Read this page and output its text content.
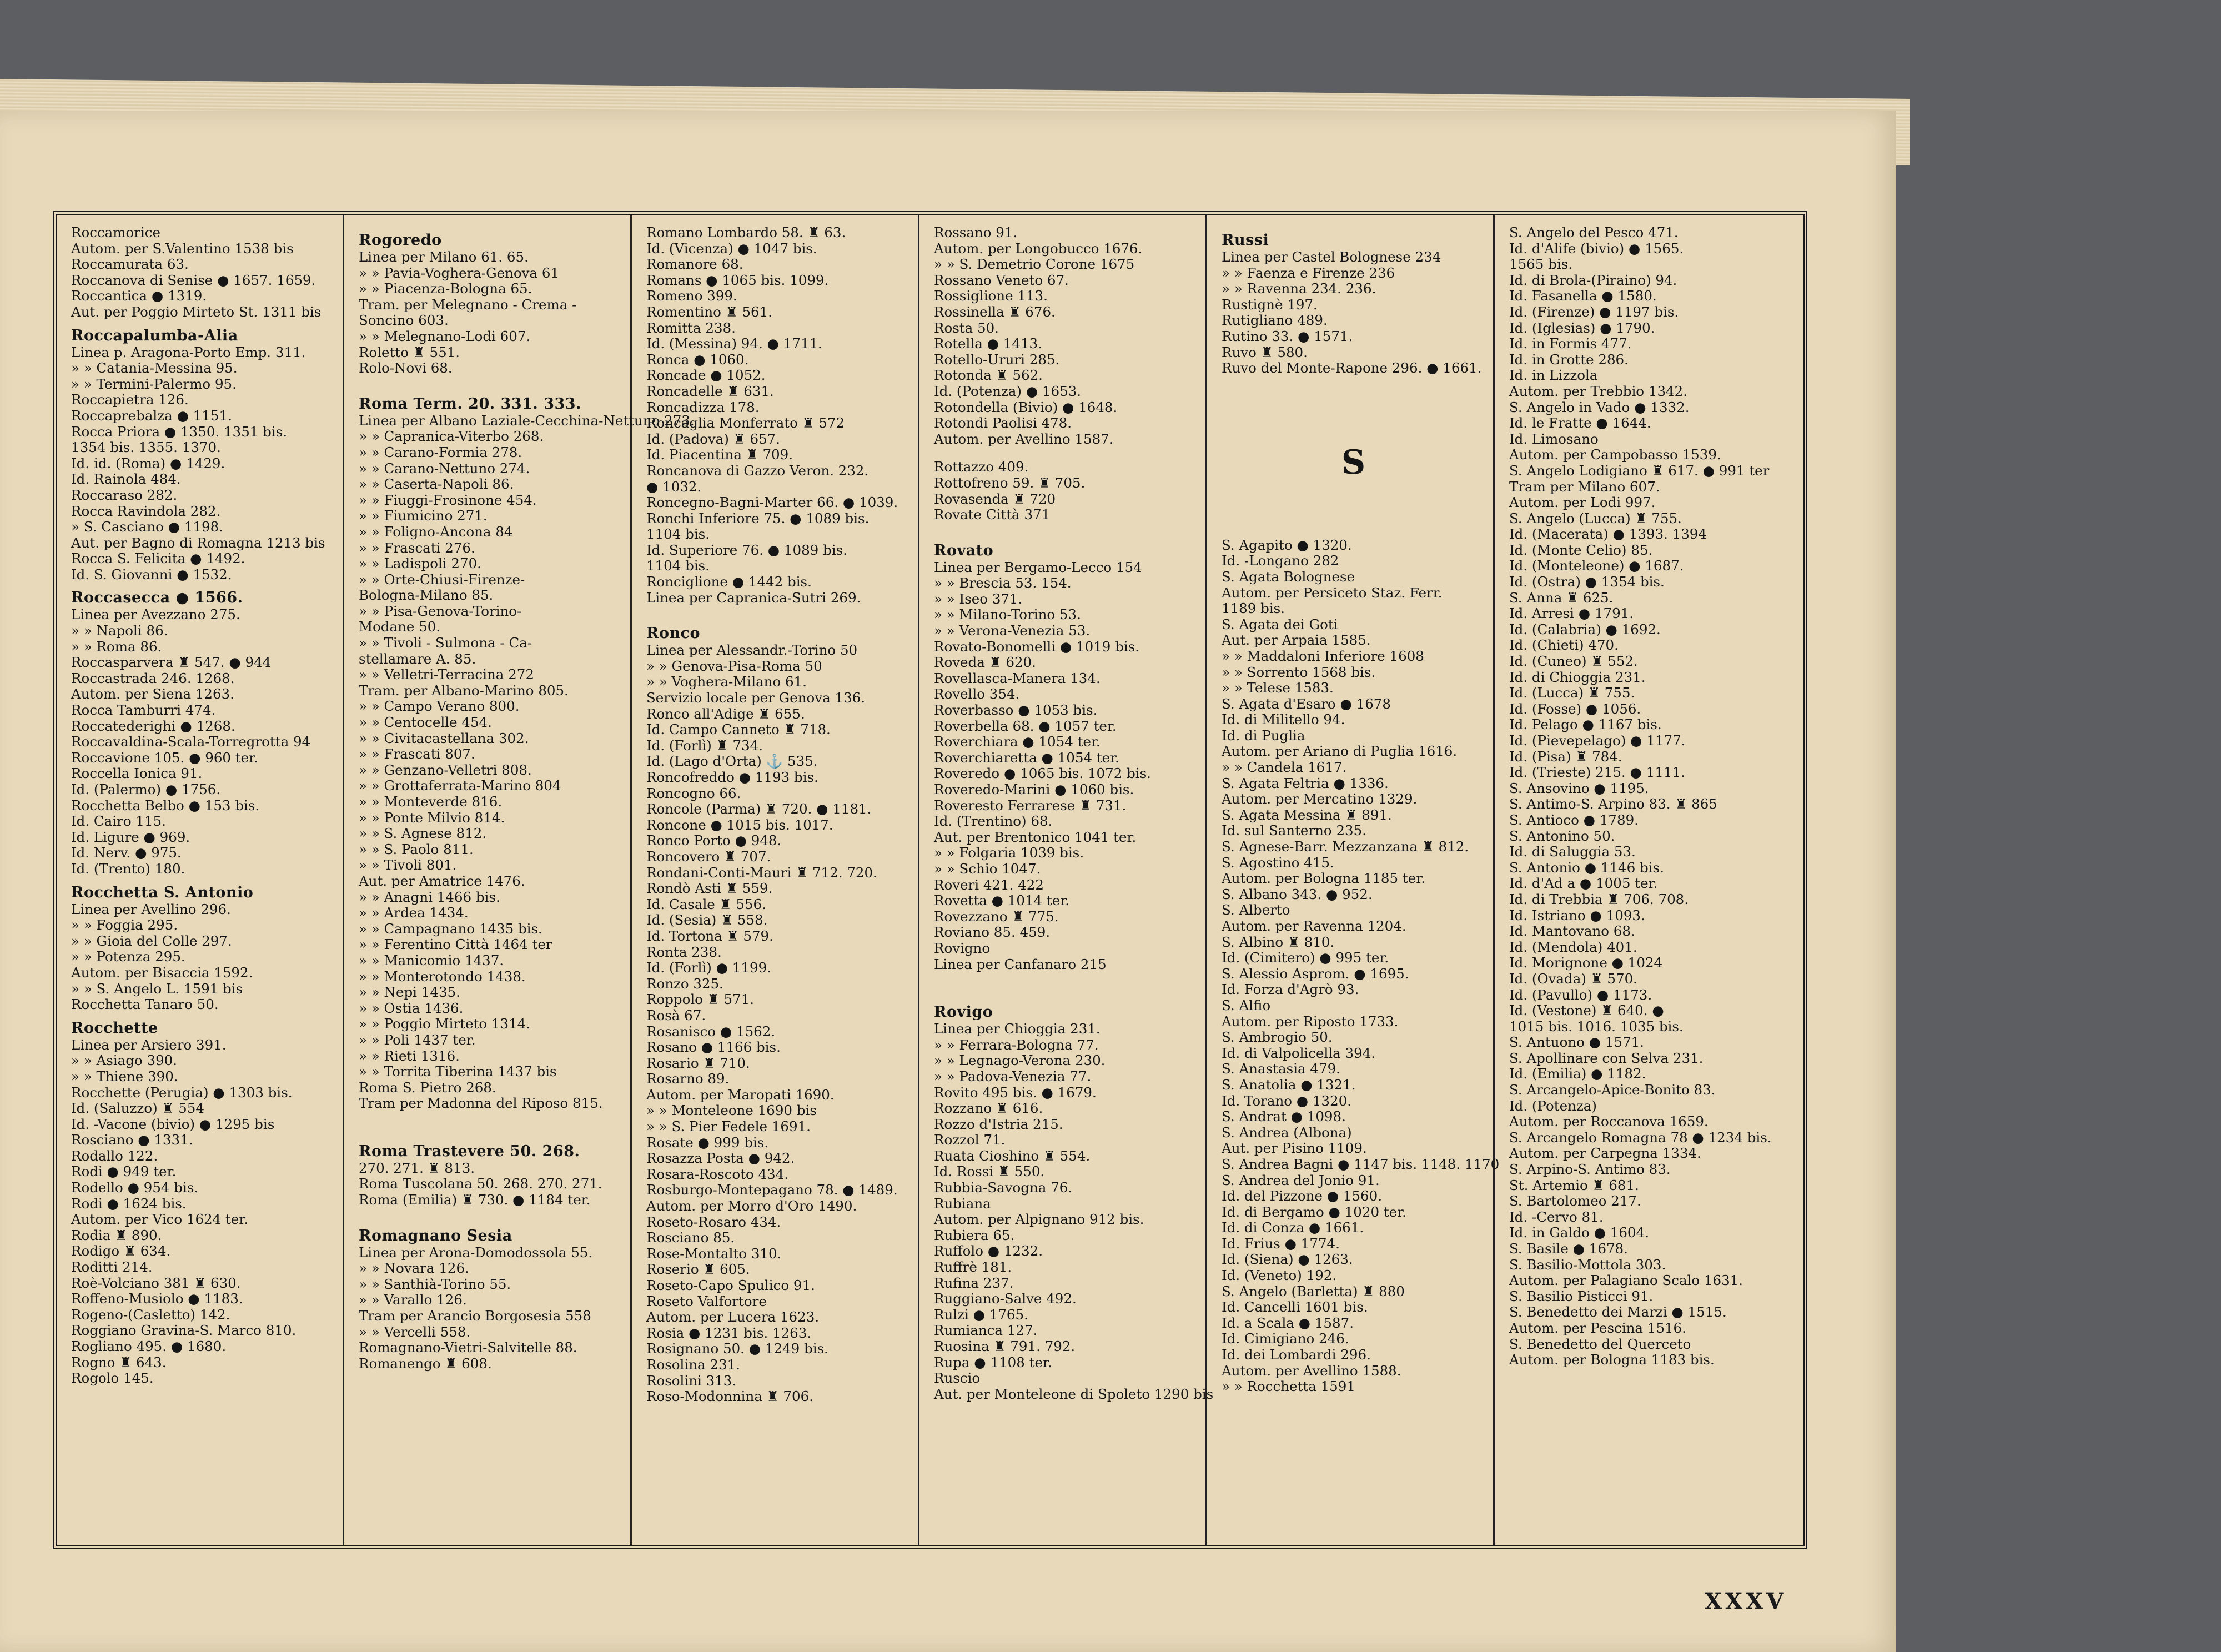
Roccamorice
Autom. per S.Valentino 1538 bis
Roccamurata 63.
Roccanova di Senise ● 1657. 1659.
Roccantica ● 1319.
Aut. per Poggio Mirteto St. 1311 bis
Roccapalumba-Alia
Linea p. Aragona-Porto Emp. 311.
» » Catania-Messina 95.
» » Termini-Palermo 95.
Roccapietra 126.
Roccaprebalza ● 1151.
Rocca Priora ● 1350. 1351 bis.
1354 bis. 1355. 1370.
Id. id. (Roma) ● 1429.
Id. Rainola 484.
Roccaraso 282.
Rocca Ravindola 282.
» S. Casciano ● 1198.
Aut. per Bagno di Romagna 1213 bis
Rocca S. Felicita ● 1492.
Id. S. Giovanni ● 1532.
Roccasecca ● 1566.
Linea per Avezzano 275.
» » Napoli 86.
» » Roma 86.
Roccasparvera ♜ 547. ● 944
Roccastrada 246. 1268.
Autom. per Siena 1263.
Rocca Tamburri 474.
Roccatederighi ● 1268.
Roccavaldina-Scala-Torregrotta 94
Roccavione 105. ● 960 ter.
Roccella Ionica 91.
Id. (Palermo) ● 1756.
Rocchetta Belbo ● 153 bis.
Id. Cairo 115.
Id. Ligure ● 969.
Id. Nerv. ● 975.
Id. (Trento) 180.
Rocchetta S. Antonio
Linea per Avellino 296.
» » Foggia 295.
» » Gioia del Colle 297.
» » Potenza 295.
Autom. per Bisaccia 1592.
» » S. Angelo L. 1591 bis
Rocchetta Tanaro 50.
Rocchette
Linea per Arsiero 391.
» » Asiago 390.
» » Thiene 390.
Rocchette (Perugia) ● 1303 bis.
Id. (Saluzzo) ♜ 554
Id. -Vacone (bivio) ● 1295 bis
Rosciano ● 1331.
Rodallo 122.
Rodi ● 949 ter.
Rodello ● 954 bis.
Rodi ● 1624 bis.
Autom. per Vico 1624 ter.
Rodia ♜ 890.
Rodigo ♜ 634.
Roditti 214.
Roè-Volciano 381 ♜ 630.
Roffeno-Musiolo ● 1183.
Rogeno-(Casletto) 142.
Roggiano Gravina-S. Marco 810.
Rogliano 495. ● 1680.
Rogno ♜ 643.
Rogolo 145.
Rogoredo
Linea per Milano 61. 65.
» » Pavia-Voghera-Genova 61
» » Piacenza-Bologna 65.
Tram. per Melegnano - Crema -
Soncino 603.
» » Melegnano-Lodi 607.
Roletto ♜ 551.
Rolo-Novi 68.
Roma Term. 20. 331. 333.
Linea per Albano Laziale-Cecchina-Nettuno 273.
» » Capranica-Viterbo 268.
» » Carano-Formia 278.
» » Carano-Nettuno 274.
» » Caserta-Napoli 86.
» » Fiuggi-Frosinone 454.
» » Fiumicino 271.
» » Foligno-Ancona 84
» » Frascati 276.
» » Ladispoli 270.
» » Orte-Chiusi-Firenze-
Bologna-Milano 85.
» » Pisa-Genova-Torino-
Modane 50.
» » Tivoli - Sulmona - Ca-
stellamare A. 85.
» » Velletri-Terracina 272
Tram. per Albano-Marino 805.
» » Campo Verano 800.
» » Centocelle 454.
» » Civitacastellana 302.
» » Frascati 807.
» » Genzano-Velletri 808.
» » Grottaferrata-Marino 804
» » Monteverde 816.
» » Ponte Milvio 814.
» » S. Agnese 812.
» » S. Paolo 811.
» » Tivoli 801.
Aut. per Amatrice 1476.
» » Anagni 1466 bis.
» » Ardea 1434.
» » Campagnano 1435 bis.
» » Ferentino Città 1464 ter
» » Manicomio 1437.
» » Monterotondo 1438.
» » Nepi 1435.
» » Ostia 1436.
» » Poggio Mirteto 1314.
» » Poli 1437 ter.
» » Rieti 1316.
» » Torrita Tiberina 1437 bis
Roma S. Pietro 268.
Tram per Madonna del Riposo 815.
Roma Trastevere 50. 268.
270. 271. ♜ 813.
Roma Tuscolana 50. 268. 270. 271.
Roma (Emilia) ♜ 730. ● 1184 ter.
Romagnano Sesia
Linea per Arona-Domodossola 55.
» » Novara 126.
» » Santhià-Torino 55.
» » Varallo 126.
Tram per Arancio Borgosesia 558
» » Vercelli 558.
Romagnano-Vietri-Salvitelle 88.
Romanengo ♜ 608.
Romano Lombardo 58. ♜ 63.
Id. (Vicenza) ● 1047 bis.
Romanore 68.
Romans ● 1065 bis. 1099.
Romeno 399.
Romentino ♜ 561.
Romitta 238.
Id. (Messina) 94. ● 1711.
Ronca ● 1060.
Roncade ● 1052.
Roncadelle ♜ 631.
Roncadizza 178.
Roncaglia Monferrato ♜ 572
Id. (Padova) ♜ 657.
Id. Piacentina ♜ 709.
Roncanova di Gazzo Veron. 232.
● 1032.
Roncegno-Bagni-Marter 66. ● 1039.
Ronchi Inferiore 75. ● 1089 bis.
1104 bis.
Id. Superiore 76. ● 1089 bis.
1104 bis.
Ronciglione ● 1442 bis.
Linea per Capranica-Sutri 269.
Ronco
Linea per Alessandr.-Torino 50
» » Genova-Pisa-Roma 50
» » Voghera-Milano 61.
Servizio locale per Genova 136.
Ronco all'Adige ♜ 655.
Id. Campo Canneto ♜ 718.
Id. (Forlì) ♜ 734.
Id. (Lago d'Orta) ⚓ 535.
Roncofreddo ● 1193 bis.
Roncogno 66.
Roncole (Parma) ♜ 720. ● 1181.
Roncone ● 1015 bis. 1017.
Ronco Porto ● 948.
Roncovero ♜ 707.
Rondani-Conti-Mauri ♜ 712. 720.
Rondò Asti ♜ 559.
Id. Casale ♜ 556.
Id. (Sesia) ♜ 558.
Id. Tortona ♜ 579.
Ronta 238.
Id. (Forlì) ● 1199.
Ronzo 325.
Roppolo ♜ 571.
Rosà 67.
Rosanisco ● 1562.
Rosano ● 1166 bis.
Rosario ♜ 710.
Rosarno 89.
Autom. per Maropati 1690.
» » Monteleone 1690 bis
» » S. Pier Fedele 1691.
Rosate ● 999 bis.
Rosazza Posta ● 942.
Rosara-Roscoto 434.
Rosburgo-Montepagano 78. ● 1489.
Autom. per Morro d'Oro 1490.
Roseto-Rosaro 434.
Rosciano 85.
Rose-Montalto 310.
Roserio ♜ 605.
Roseto-Capo Spulico 91.
Roseto Valfortore
Autom. per Lucera 1623.
Rosia ● 1231 bis. 1263.
Rosignano 50. ● 1249 bis.
Rosolina 231.
Rosolini 313.
Roso-Modonnina ♜ 706.
Rossano 91.
Autom. per Longobucco 1676.
» » S. Demetrio Corone 1675
Rossano Veneto 67.
Rossiglione 113.
Rossinella ♜ 676.
Rosta 50.
Rotella ● 1413.
Rotello-Ururi 285.
Rotonda ♜ 562.
Id. (Potenza) ● 1653.
Rotondella (Bivio) ● 1648.
Rotondi Paolisi 478.
Autom. per Avellino 1587.
Rottazzo 409.
Rottofreno 59. ♜ 705.
Rovasenda ♜ 720
Rovate Città 371
Rovato
Linea per Bergamo-Lecco 154
» » Brescia 53. 154.
» » Iseo 371.
» » Milano-Torino 53.
» » Verona-Venezia 53.
Rovato-Bonomelli ● 1019 bis.
Roveda ♜ 620.
Rovellasca-Manera 134.
Rovello 354.
Roverbasso ● 1053 bis.
Roverbella 68. ● 1057 ter.
Roverchiara ● 1054 ter.
Roverchiaretta ● 1054 ter.
Roveredo ● 1065 bis. 1072 bis.
Roveredo-Marini ● 1060 bis.
Roveresto Ferrarese ♜ 731.
Id. (Trentino) 68.
Aut. per Brentonico 1041 ter.
» » Folgaria 1039 bis.
» » Schio 1047.
Roveri 421. 422
Rovetta ● 1014 ter.
Rovezzano ♜ 775.
Roviano 85. 459.
Rovigno
Linea per Canfanaro 215
Rovigo
Linea per Chioggia 231.
» » Ferrara-Bologna 77.
» » Legnago-Verona 230.
» » Padova-Venezia 77.
Rovito 495 bis. ● 1679.
Rozzano ♜ 616.
Rozzo d'Istria 215.
Rozzol 71.
Ruata Cioshino ♜ 554.
Id. Rossi ♜ 550.
Rubbia-Savogna 76.
Rubiana
Autom. per Alpignano 912 bis.
Rubiera 65.
Ruffolo ● 1232.
Ruffrè 181.
Rufina 237.
Ruggiano-Salve 492.
Rulzi ● 1765.
Rumianca 127.
Ruosina ♜ 791. 792.
Rupa ● 1108 ter.
Ruscio
Aut. per Monteleone di Spoleto 1290 bis
Russi
Linea per Castel Bolognese 234
» » Faenza e Firenze 236
» » Ravenna 234. 236.
Rustignè 197.
Rutigliano 489.
Rutino 33. ● 1571.
Ruvo ♜ 580.
Ruvo del Monte-Rapone 296. ● 1661.
S
S. Agapito ● 1320.
Id. -Longano 282
S. Agata Bolognese
Autom. per Persiceto Staz. Ferr.
1189 bis.
S. Agata dei Goti
Aut. per Arpaia 1585.
» » Maddaloni Inferiore 1608
» » Sorrento 1568 bis.
» » Telese 1583.
S. Agata d'Esaro ● 1678
Id. di Militello 94.
Id. di Puglia
Autom. per Ariano di Puglia 1616.
» » Candela 1617.
S. Agata Feltria ● 1336.
Autom. per Mercatino 1329.
S. Agata Messina ♜ 891.
Id. sul Santerno 235.
S. Agnese-Barr. Mezzanzana ♜ 812.
S. Agostino 415.
Autom. per Bologna 1185 ter.
S. Albano 343. ● 952.
S. Alberto
Autom. per Ravenna 1204.
S. Albino ♜ 810.
Id. (Cimitero) ● 995 ter.
S. Alessio Asprom. ● 1695.
Id. Forza d'Agrò 93.
S. Alfio
Autom. per Riposto 1733.
S. Ambrogio 50.
Id. di Valpolicella 394.
S. Anastasia 479.
S. Anatolia ● 1321.
Id. Torano ● 1320.
S. Andrat ● 1098.
S. Andrea (Albona)
Aut. per Pisino 1109.
S. Andrea Bagni ● 1147 bis. 1148. 1170
S. Andrea del Jonio 91.
Id. del Pizzone ● 1560.
Id. di Bergamo ● 1020 ter.
Id. di Conza ● 1661.
Id. Frius ● 1774.
Id. (Siena) ● 1263.
Id. (Veneto) 192.
S. Angelo (Barletta) ♜ 880
Id. Cancelli 1601 bis.
Id. a Scala ● 1587.
Id. Cimigiano 246.
Id. dei Lombardi 296.
Autom. per Avellino 1588.
» » Rocchetta 1591
S. Angelo del Pesco 471.
Id. d'Alife (bivio) ● 1565.
1565 bis.
Id. di Brola-(Piraino) 94.
Id. Fasanella ● 1580.
Id. (Firenze) ● 1197 bis.
Id. (Iglesias) ● 1790.
Id. in Formis 477.
Id. in Grotte 286.
Id. in Lizzola
Autom. per Trebbio 1342.
S. Angelo in Vado ● 1332.
Id. le Fratte ● 1644.
Id. Limosano
Autom. per Campobasso 1539.
S. Angelo Lodigiano ♜ 617. ● 991 ter
Tram per Milano 607.
Autom. per Lodi 997.
S. Angelo (Lucca) ♜ 755.
Id. (Macerata) ● 1393. 1394
Id. (Monte Celio) 85.
Id. (Monteleone) ● 1687.
Id. (Ostra) ● 1354 bis.
S. Anna ♜ 625.
Id. Arresi ● 1791.
Id. (Calabria) ● 1692.
Id. (Chieti) 470.
Id. (Cuneo) ♜ 552.
Id. di Chioggia 231.
Id. (Lucca) ♜ 755.
Id. (Fosse) ● 1056.
Id. Pelago ● 1167 bis.
Id. (Pievepelago) ● 1177.
Id. (Pisa) ♜ 784.
Id. (Trieste) 215. ● 1111.
S. Ansovino ● 1195.
S. Antimo-S. Arpino 83. ♜ 865
S. Antioco ● 1789.
S. Antonino 50.
Id. di Saluggia 53.
S. Antonio ● 1146 bis.
Id. d'Ad a ● 1005 ter.
Id. di Trebbia ♜ 706. 708.
Id. Istriano ● 1093.
Id. Mantovano 68.
Id. (Mendola) 401.
Id. Morignone ● 1024
Id. (Ovada) ♜ 570.
Id. (Pavullo) ● 1173.
Id. (Vestone) ♜ 640. ●
1015 bis. 1016. 1035 bis.
S. Antuono ● 1571.
S. Apollinare con Selva 231.
Id. (Emilia) ● 1182.
S. Arcangelo-Apice-Bonito 83.
Id. (Potenza)
Autom. per Roccanova 1659.
S. Arcangelo Romagna 78 ● 1234 bis.
Autom. per Carpegna 1334.
S. Arpino-S. Antimo 83.
St. Artemio ♜ 681.
S. Bartolomeo 217.
Id. -Cervo 81.
Id. in Galdo ● 1604.
S. Basile ● 1678.
S. Basilio-Mottola 303.
Autom. per Palagiano Scalo 1631.
S. Basilio Pisticci 91.
S. Benedetto dei Marzi ● 1515.
Autom. per Pescina 1516.
S. Benedetto del Querceto
Autom. per Bologna 1183 bis.
XXXV
